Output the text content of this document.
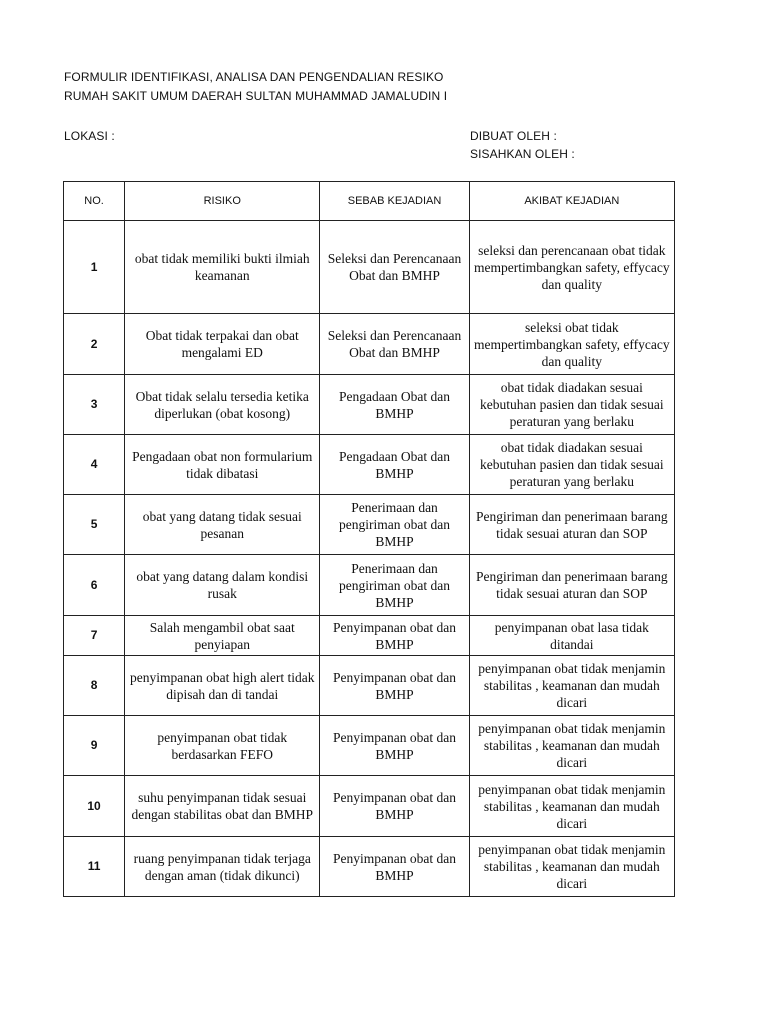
FORMULIR IDENTIFIKASI, ANALISA DAN PENGENDALIAN RESIKO
RUMAH SAKIT UMUM DAERAH SULTAN MUHAMMAD JAMALUDIN I
LOKASI :	DIBUAT OLEH :
SISAHKAN OLEH :
NO.	RISIKO	SEBAB KEJADIAN	AKIBAT KEJADIAN
1	obat tidak memiliki bukti ilmiah keamanan	Seleksi dan Perencanaan Obat dan BMHP	seleksi dan perencanaan obat tidak mempertimbangkan safety, effycacy dan quality
2	Obat tidak terpakai dan obat mengalami ED	Seleksi dan Perencanaan Obat dan BMHP	seleksi obat tidak mempertimbangkan safety, effycacy dan quality
3	Obat tidak selalu tersedia ketika diperlukan (obat kosong)	Pengadaan Obat dan BMHP	obat tidak diadakan sesuai kebutuhan pasien dan tidak sesuai peraturan yang berlaku
4	Pengadaan obat non formularium tidak dibatasi	Pengadaan Obat dan BMHP	obat tidak diadakan sesuai kebutuhan pasien dan tidak sesuai peraturan yang berlaku
5	obat yang datang tidak sesuai pesanan	Penerimaan dan pengiriman obat dan BMHP	Pengiriman dan penerimaan barang tidak sesuai aturan dan SOP
6	obat yang datang dalam kondisi rusak	Penerimaan dan pengiriman obat dan BMHP	Pengiriman dan penerimaan barang tidak sesuai aturan dan SOP
7	Salah mengambil obat saat penyiapan	Penyimpanan obat dan BMHP	penyimpanan obat lasa tidak ditandai
8	penyimpanan obat high alert tidak dipisah dan di tandai	Penyimpanan obat dan BMHP	penyimpanan obat tidak menjamin stabilitas , keamanan dan mudah dicari
9	penyimpanan obat tidak berdasarkan FEFO	Penyimpanan obat dan BMHP	penyimpanan obat tidak menjamin stabilitas , keamanan dan mudah dicari
10	suhu penyimpanan tidak sesuai dengan stabilitas obat dan BMHP	Penyimpanan obat dan BMHP	penyimpanan obat tidak menjamin stabilitas , keamanan dan mudah dicari
11	ruang penyimpanan tidak terjaga dengan aman (tidak dikunci)	Penyimpanan obat dan BMHP	penyimpanan obat tidak menjamin stabilitas , keamanan dan mudah dicari
